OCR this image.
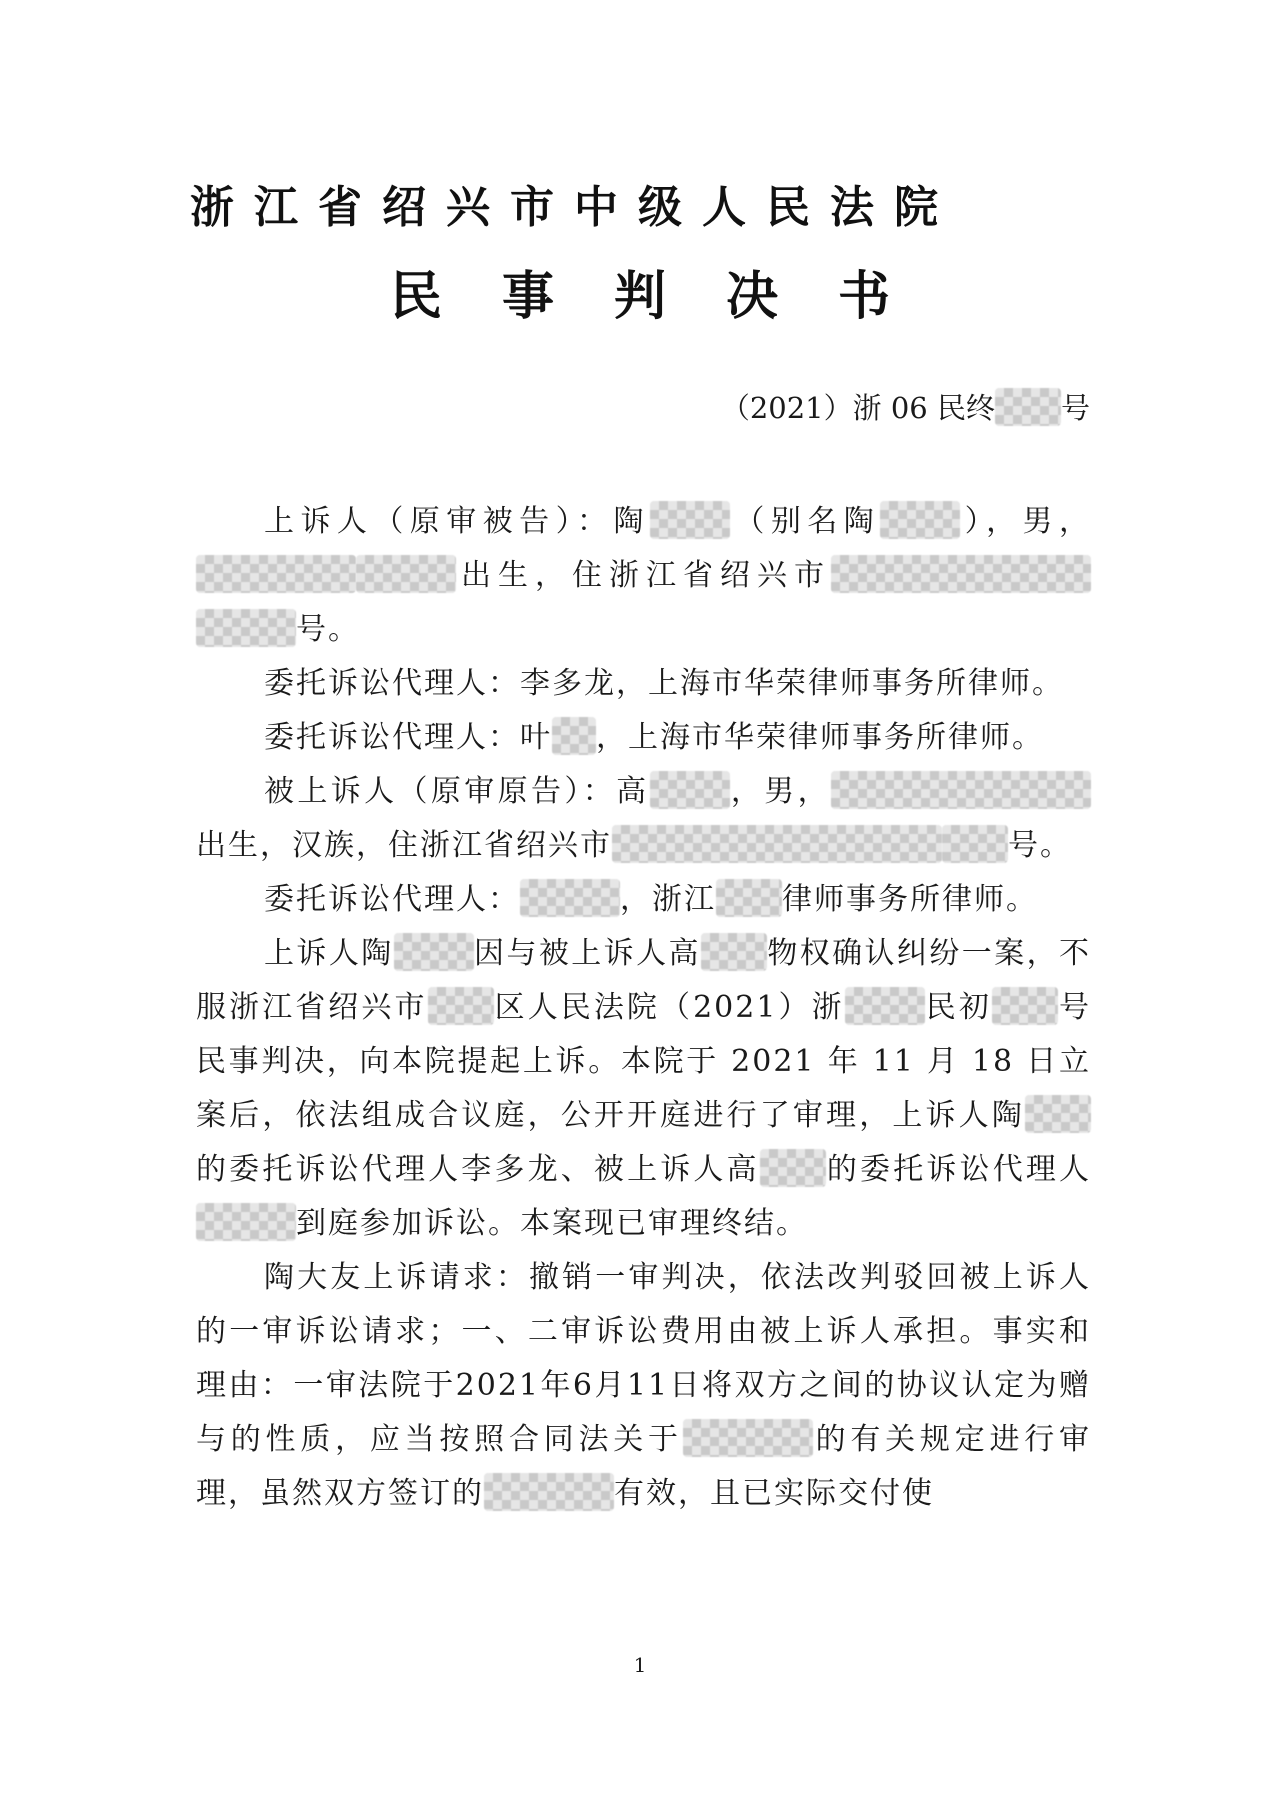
浙江省绍兴市中级人民法院
民事判决书
（2021）浙 06 民终 号

上诉人（原审被告）：陶	（别名陶	），男，出生，住浙江省绍兴市号。

委托诉讼代理人：李多龙，上海市华荣律师事务所律师。

委托诉讼代理人：叶 ，上海市华荣律师事务所律师。

被上诉人（原审原告）：高	，男，出生，汉族，住浙江省绍兴市	号。

委托诉讼代理人：	，浙江 律师事务所律师。

上诉人陶	因与被上诉人高 物权确认纠纷一案，不服浙江省绍兴市 区人民法院（2021）浙	民初 号民事判决，向本院提起上诉。本院于 2021 年 11 月 18 日立案后，依法组成合议庭，公开开庭进行了审理，上诉人陶的委托诉讼代理人李多龙、被上诉人高 的委托诉讼代理人到庭参加诉讼。本案现已审理终结。

陶大友上诉请求：撤销一审判决，依法改判驳回被上诉人的一审诉讼请求；一、二审诉讼费用由被上诉人承担。事实和理由：一审法院于2021年6月11日将双方之间的协议认定为赠与的性质，应当按照合同法关于	的有关规定进行审理，虽然双方签订的	有效，且已实际交付使

1
